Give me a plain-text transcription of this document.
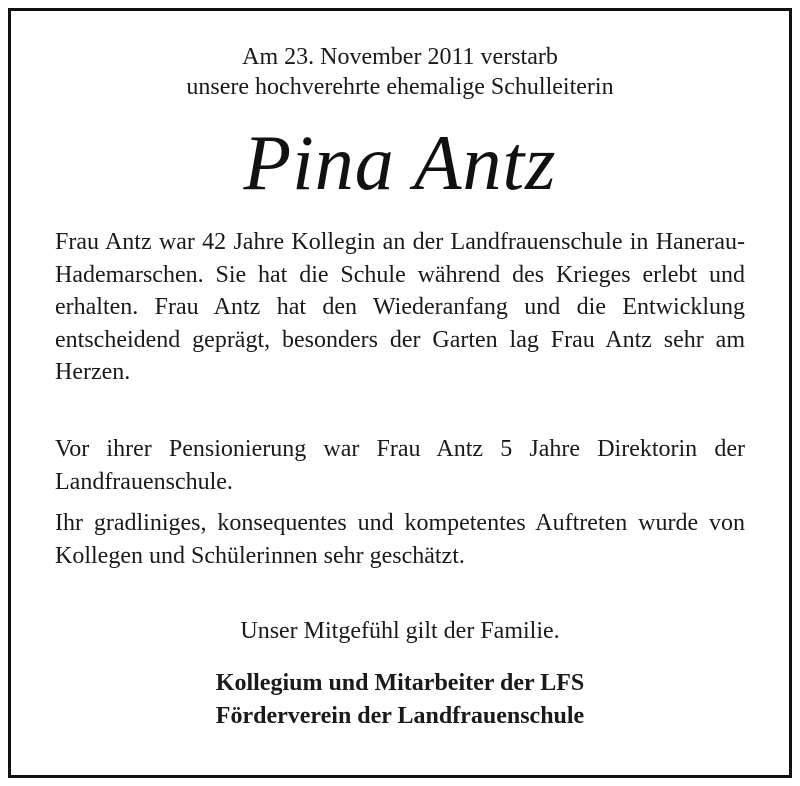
Am 23. November 2011 verstarb
unsere hochverehrte ehemalige Schulleiterin
Pina Antz

Frau Antz war 42 Jahre Kollegin an der Landfrauenschule in Hanerau-Hademarschen. Sie hat die Schule während des Krieges erlebt und erhalten. Frau Antz hat den Wiederanfang und die Entwicklung entscheidend geprägt, besonders der Garten lag Frau Antz sehr am Herzen.

Vor ihrer Pensionierung war Frau Antz 5 Jahre Direktorin der Landfrauenschule.

Ihr gradliniges, konsequentes und kompetentes Auftreten wurde von Kollegen und Schülerinnen sehr geschätzt.

Unser Mitgefühl gilt der Familie.
Kollegium und Mitarbeiter der LFS
Förderverein der Landfrauenschule
